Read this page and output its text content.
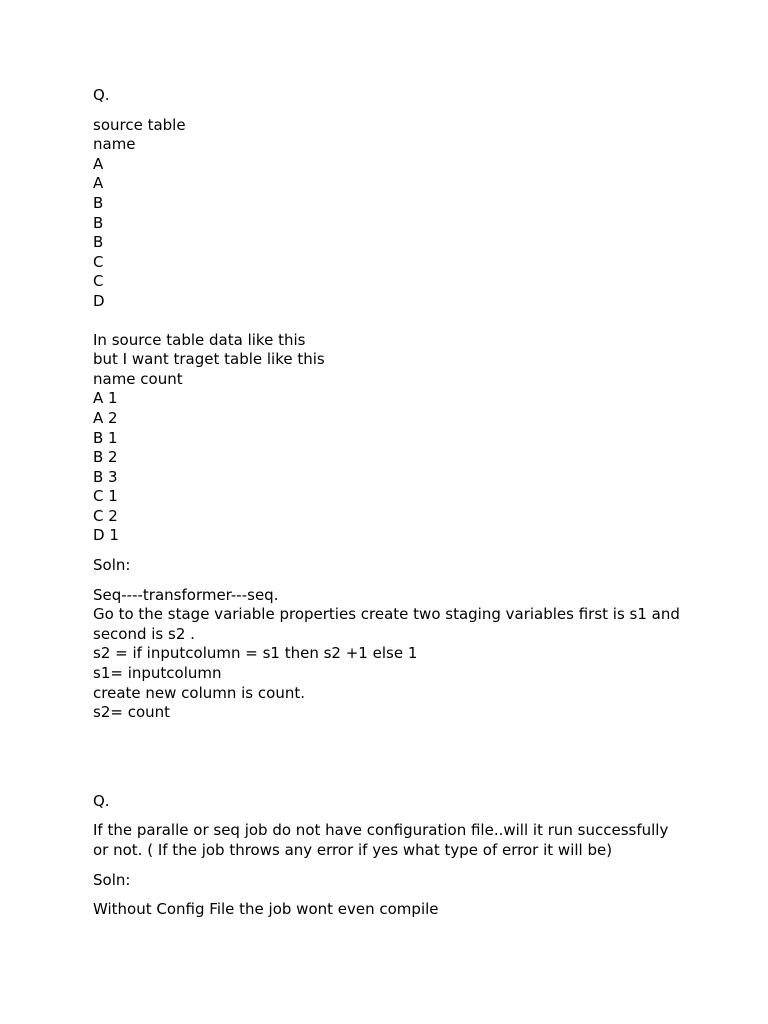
Q.
source table
name
A
A
B
B
B
C
C
D
In source table data like this
but I want traget table like this
name count
A 1
A 2
B 1
B 2
B 3
C 1
C 2
D 1
Soln:
Seq----transformer---seq.
Go to the stage variable properties create two staging variables first is s1 and second is s2 .
s2 = if inputcolumn = s1 then s2 +1 else 1
s1= inputcolumn
create new column is count.
s2= count
Q.

If the paralle or seq job do not have configuration file..will it run successfully or not. ( If the job throws any error if yes what type of error it will be)

Soln:
Without Config File the job wont even compile
